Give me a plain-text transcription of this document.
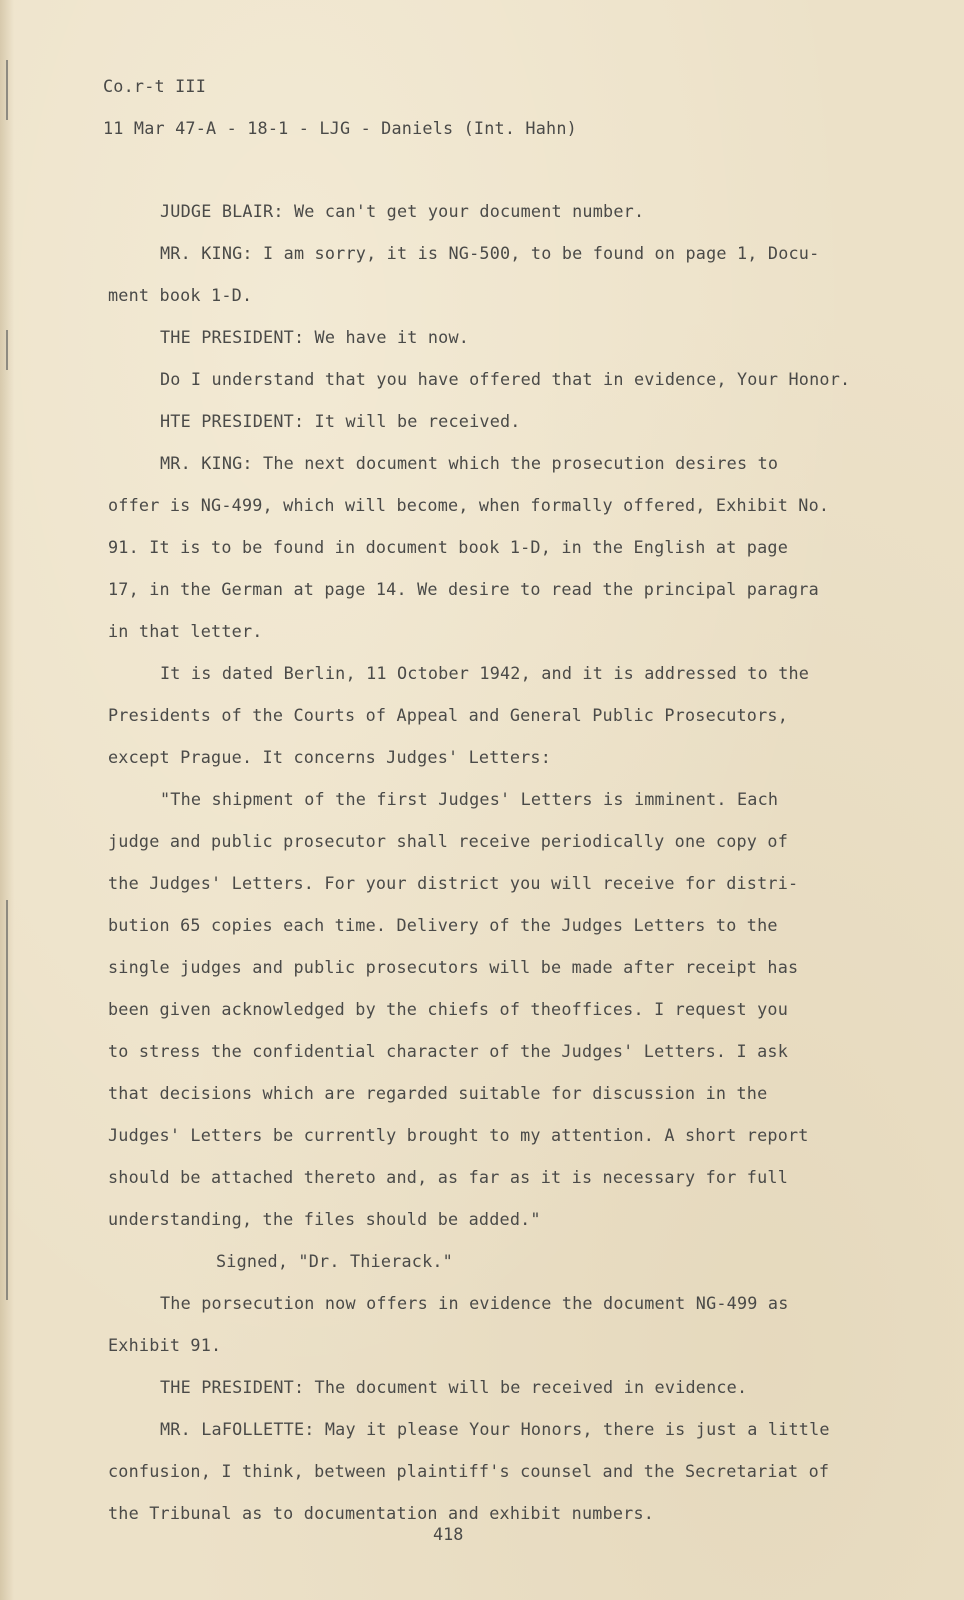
Co.r-t III
11 Mar 47-A - 18-1 - LJG - Daniels (Int. Hahn)
JUDGE BLAIR: We can't get your document number.
MR. KING: I am sorry, it is NG-500, to be found on page 1, Docu-
ment book 1-D.
THE PRESIDENT: We have it now.
Do I understand that you have offered that in evidence, Your Honor.
HTE PRESIDENT: It will be received.
MR. KING: The next document which the prosecution desires to
offer is NG-499, which will become, when formally offered, Exhibit No.
91. It is to be found in document book 1-D, in the English at page
17, in the German at page 14. We desire to read the principal paragra
in that letter.
It is dated Berlin, 11 October 1942, and it is addressed to the
Presidents of the Courts of Appeal and General Public Prosecutors,
except Prague. It concerns Judges' Letters:
"The shipment of the first Judges' Letters is imminent. Each
judge and public prosecutor shall receive periodically one copy of
the Judges' Letters. For your district you will receive for distri-
bution 65 copies each time. Delivery of the Judges Letters to the
single judges and public prosecutors will be made after receipt has
been given acknowledged by the chiefs of theoffices. I request you
to stress the confidential character of the Judges' Letters. I ask
that decisions which are regarded suitable for discussion in the
Judges' Letters be currently brought to my attention. A short report
should be attached thereto and, as far as it is necessary for full
understanding, the files should be added."
Signed, "Dr. Thierack."
The porsecution now offers in evidence the document NG-499 as
Exhibit 91.
THE PRESIDENT: The document will be received in evidence.
MR. LaFOLLETTE: May it please Your Honors, there is just a little
confusion, I think, between plaintiff's counsel and the Secretariat of
the Tribunal as to documentation and exhibit numbers.
418
